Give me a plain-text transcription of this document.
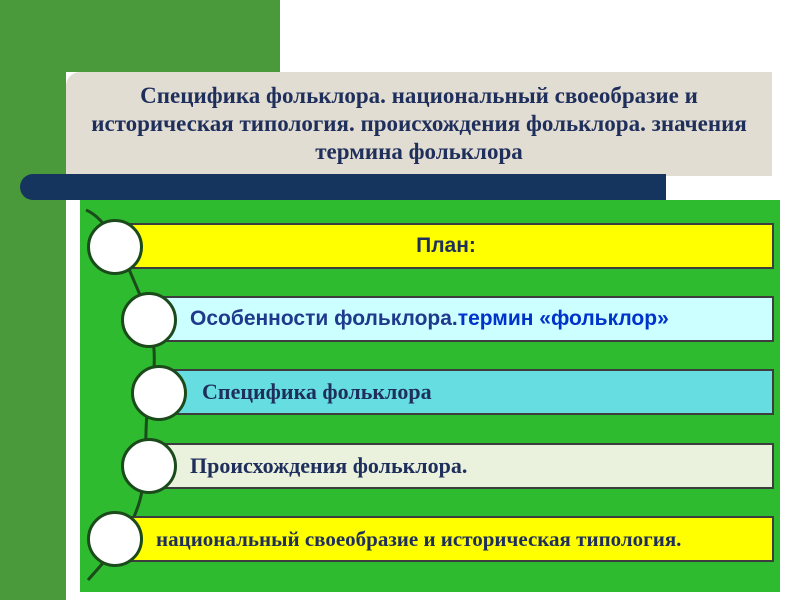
Специфика фольклора. национальный своеобразие и историческая типология. происхождения фольклора. значения термина фольклора
План:
Особенности фольклора.термин «фольклор»
Специфика фольклора
Происхождения фольклора.
национальный своеобразие и историческая типология.
